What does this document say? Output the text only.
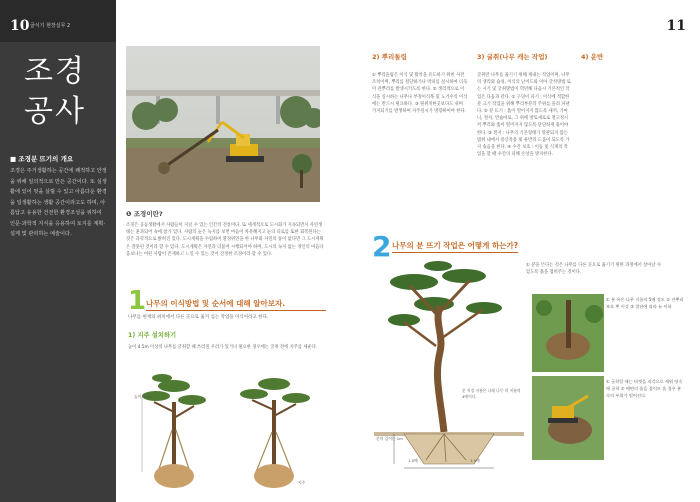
10 굴식기 현장실무 2
조경
공사
■ 조경분 뜨기의 개요
조경은 주거생활하는 공간에 쾌적하고 안정을 위해 일의적으로 만든 공간이다. 또 실생활에 있어 멋을 살릴 수 있고 아름다운 환경을 일생활하는 생활 공간이라고도 하며, 아름답고 유용한 건전한 환경조성을 위하여 인문·과학적 지식을 응용하여 토지를 계획·설계 및 관리하는 예술이다.
11
❶ 조경이란?
조경은 공동생활에서 사람들이 지닐 수 있는 인간의 전통이다. 또 세계적으로 도시화가 지속되면서 자연생태는 훈과되어 속에 참가 있다. 사람의 눈은 녹지를 보면 마음이 차분해지고 눈의 피로를 또한 회복된다는 것은 과학적으로 밝혀진 있다. 도시계획을 수립하여 환경위연을 한 나무와 자연의 풍이 없다면 그 도시계획은 잘못된 것이라 할 수 있다. 도시계획은 자연과 더불어 시행되어야 하며, 도시의 녹지 없는 개인의 마음다움보다는 어떤 사람이 존재하고 느낄 수 있는 것이 진정한 조경이라 할 수 있다.
1 나무의 이식방법 및 순서에 대해 알아보자.
나무를 현재의 위치에서 다른 곳으로 옮겨 심는 작업을 이식이라고 한다.
1) 지주 설치하기
높이 4.5m 이상의 나무를 굴취할 때 쓰러질 우려가 있거나 필요한 경우에는 굴취 전에 지주를 세운다.
높이 4.5m
지주
2) 뿌리돌림
① 뿌리돌림은 이식 및 활착을 유도하기 위한 사전 조치이며, 뿌리를 절단하거나 박피를 실시하여 더욱이 잔뿌리를 발생시키도록 한다. ② 생리적으로 이식을 실시하는 나무나 부정이식목 및 노거수의 이식에는 반드시 필요하다. ③ 원위치한곳보다도 쉬며 가지되기를 발생하여 자주실시가 방향하여야 한다.
3) 굴취(나무 캐는 작업)
굴취란 나무를 옮기기 위해 캐내는 작업이며, 나무의 생리와 습성, 이식의 난이도와 이아 굴착방법 또는 시기 및 굴취방법이 먹던해 다음시 기본적인 작업은 다음과 같다. ① 구덩이 파기 : 이식에 적합한 분 크기 작업을 위해 뿌리부분의 주위를 돌려 파낸다. ② 분 뜨기 : 흙이 떨어지지 않도록 새끼, 가마니, 철사, 면습마로, 그 위에 방토새로로 철고정시켜 뿌리와 흙이 떨어지지 않도록 단단하게 묶어야 한다. ③ 전지 : 나무의 기본형태가 망관되지 않는 범위 내에서 증산작용 및 운반의 도움이 되도록 가지 솎음을 한다. ④ 수간 보호 : 이동 및 식재의 작업을 할 때 수간의 피해 손상을 방지한다.
4) 운반
2 나무의 분 뜨기 작업은 어떻게 하는가?
① 분을 뜬다는 것은 나무를 다른 곳으로 옮기기 위한 과정에서 살아날 수 있도록 흙을 접히주는 것이다.
분 직경 지름은 나래 나무 의 지름의 4배이다.
1.5배	1.5배
분의 깊이는 1m
① 분 폭은 나무 지름의 5배 정도 ② 잔뿌리 보호 뿌 이상 ③ 절단에 따라 뉴 이하
① 굴착할 때는 버켓을 직각으로 세워 땅속에 굴착 ② 배면의 흙을 접이므 흙 경우 분 속의 부위가 떨어진다.
